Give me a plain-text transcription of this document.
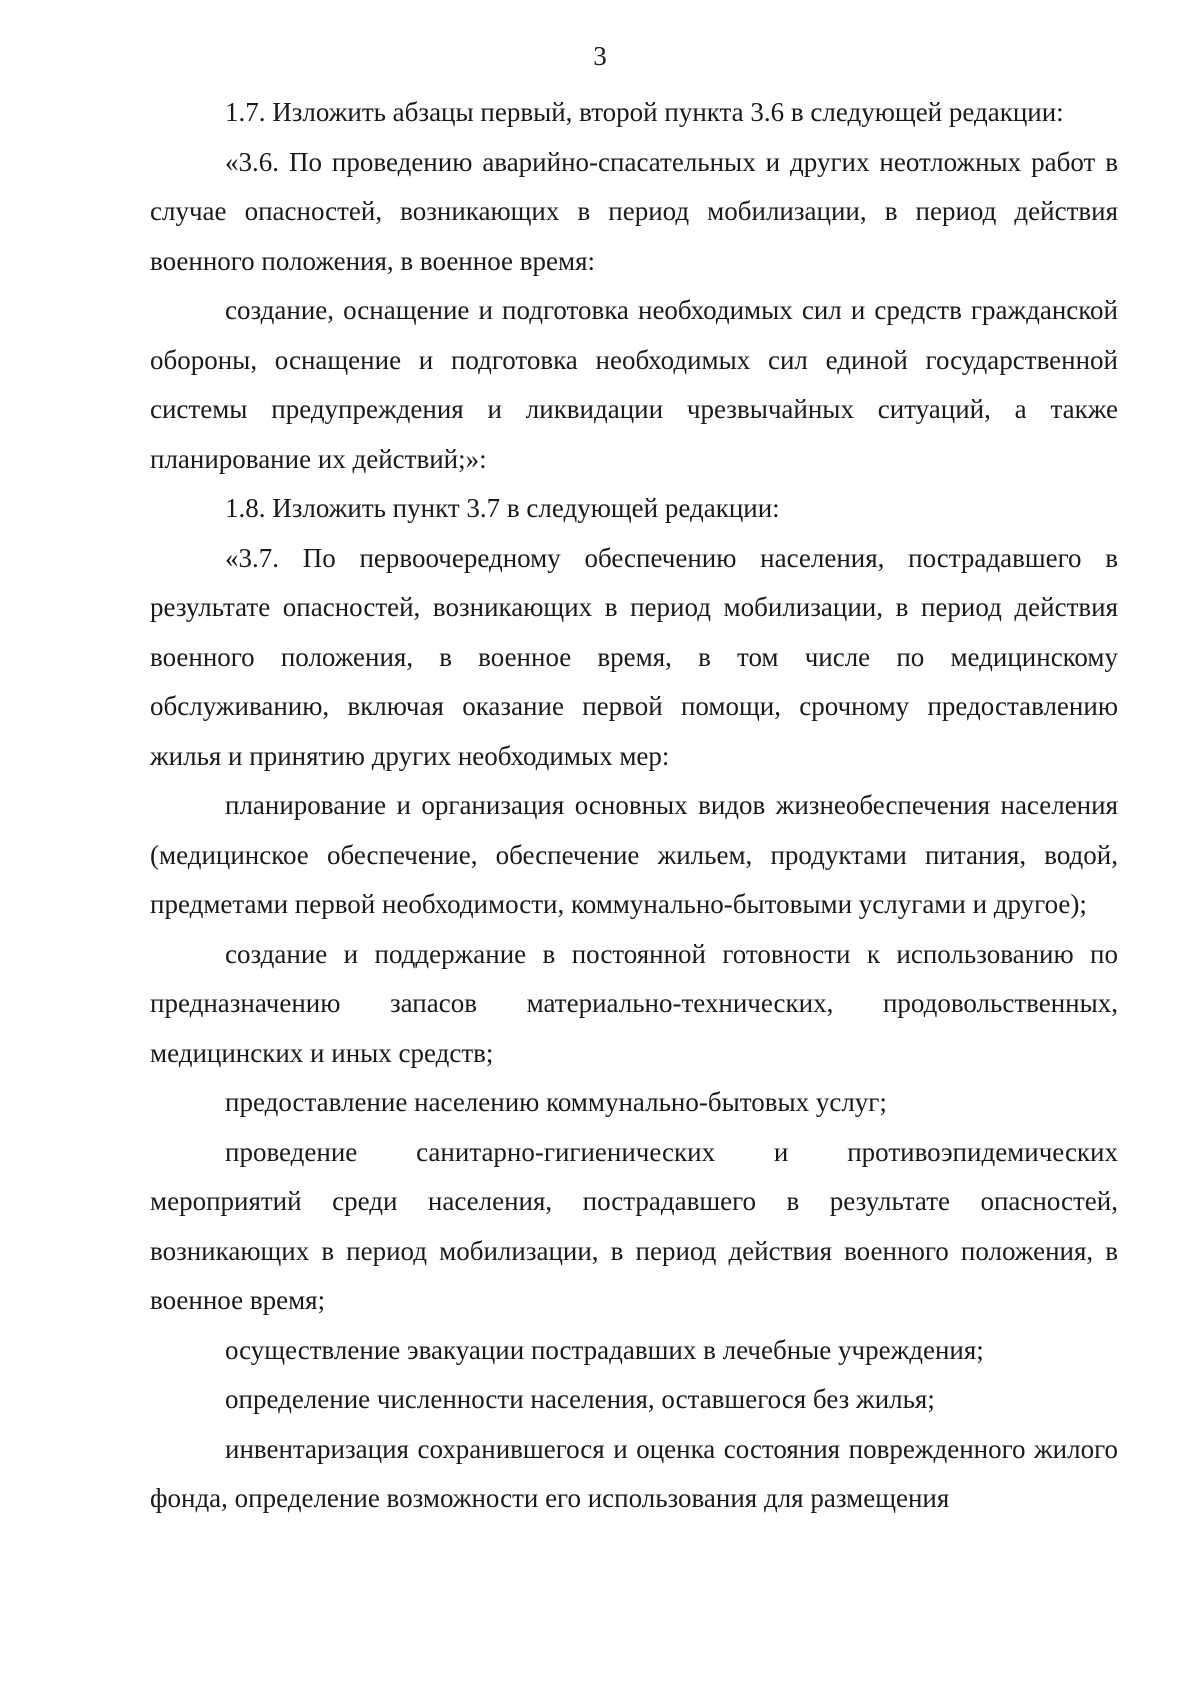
3

1.7. Изложить абзацы первый, второй пункта 3.6 в следующей редакции:

«3.6. По проведению аварийно-спасательных и других неотложных работ в случае опасностей, возникающих в период мобилизации, в период действия военного положения, в военное время:

создание, оснащение и подготовка необходимых сил и средств гражданской обороны, оснащение и подготовка необходимых сил единой государственной системы предупреждения и ликвидации чрезвычайных ситуаций, а также планирование их действий;»:

1.8. Изложить пункт 3.7 в следующей редакции:

«3.7. По первоочередному обеспечению населения, пострадавшего в результате опасностей, возникающих в период мобилизации, в период действия военного положения, в военное время, в том числе по медицинскому обслуживанию, включая оказание первой помощи, срочному предоставлению жилья и принятию других необходимых мер:

планирование и организация основных видов жизнеобеспечения населения (медицинское обеспечение, обеспечение жильем, продуктами питания, водой, предметами первой необходимости, коммунально-бытовыми услугами и другое);

создание и поддержание в постоянной готовности к использованию по предназначению запасов материально-технических, продовольственных, медицинских и иных средств;

предоставление населению коммунально-бытовых услуг;

проведение санитарно-гигиенических и противоэпидемических мероприятий среди населения, пострадавшего в результате опасностей, возникающих в период мобилизации, в период действия военного положения, в военное время;

осуществление эвакуации пострадавших в лечебные учреждения;

определение численности населения, оставшегося без жилья;

инвентаризация сохранившегося и оценка состояния поврежденного жилого фонда, определение возможности его использования для размещения
